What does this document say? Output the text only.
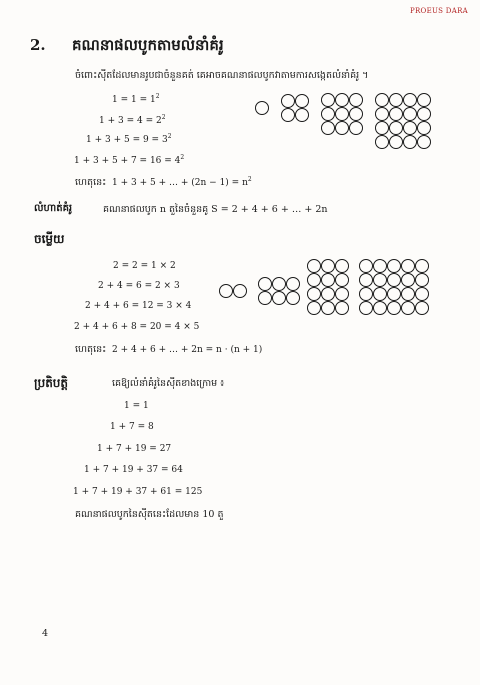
PROEUS DARA
2. គណនាផលបូកតាមលំនាំគំរូ
ចំពោះស៊ីតដែលមានរូបជាចំនួនគត់ គេអាចគណនាផលបូកវាតាមការសង្កេតលំនាំគំរូ ។
$1 = 1 = 1^2$
$1 + 3 = 4 = 2^2$
$1 + 3 + 5 = 9 = 3^2$
$1 + 3 + 5 + 7 = 16 = 4^2$
ហេតុនេះ 1 + 3 + 5 + … + $(2n - 1) = n^2$
លំហាត់គំរូ	គណនាផលបូក n តួនៃចំនួនគូ S = 2 + 4 + 6 + … + 2n
ចម្លើយ
2 = 2 = 1 × 2
2 + 4 = 6 = 2 × 3
2 + 4 + 6 = 12 = 3 × 4
2 + 4 + 6 + 8 = 20 = 4 × 5
ហេតុនេះ 2 + 4 + 6 + … + 2n = n · (n + 1)
ប្រតិបត្តិ	គេឱ្យលំនាំគំរូនៃស៊ីតខាងក្រោម ៖
1 = 1
1 + 7 = 8
1 + 7 + 19 = 27
1 + 7 + 19 + 37 = 64
1 + 7 + 19 + 37 + 61 = 125
គណនាផលបូកនៃស៊ីតនេះដែលមាន 10 តួ
4
